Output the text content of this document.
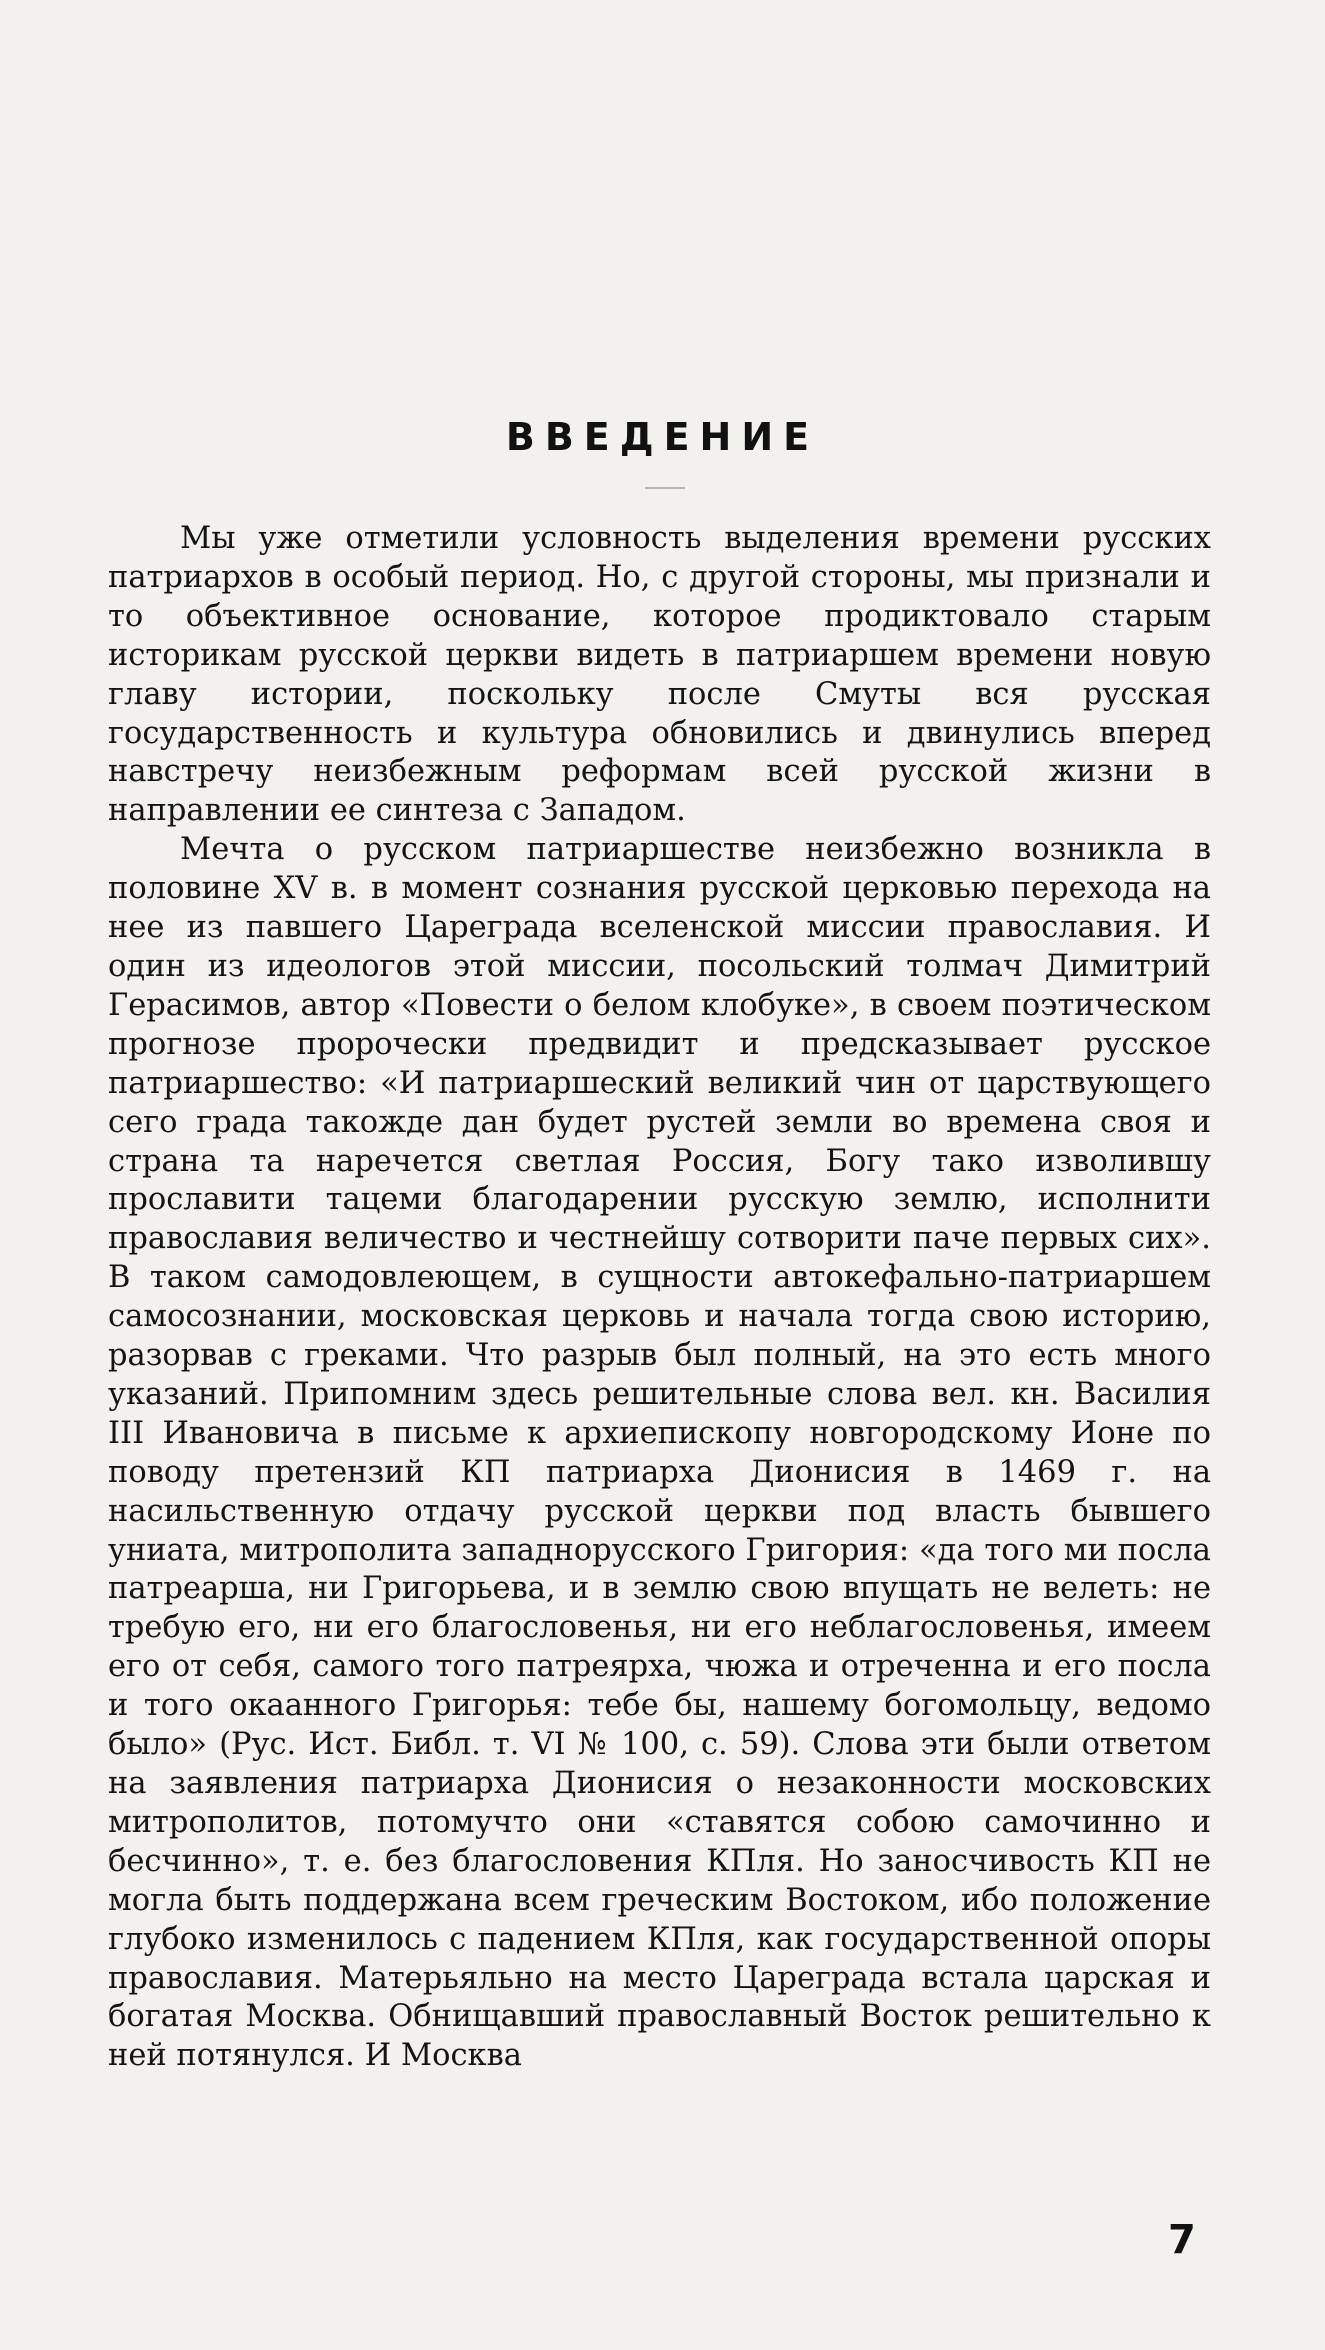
ВВЕДЕНИЕ

Мы уже отметили условность выделения времени русских патриархов в особый период. Но, с другой стороны, мы признали и то объективное основание, которое продиктовало старым историкам русской церкви видеть в патриаршем времени новую главу истории, поскольку после Смуты вся русская государственность и культура обновились и двинулись вперед навстречу неизбежным реформам всей русской жизни в направлении ее синтеза с Западом.

Мечта о русском патриаршестве неизбежно возникла в половине XV в. в момент сознания русской церковью перехода на нее из павшего Цареграда вселенской миссии православия. И один из идеологов этой миссии, посольский толмач Димитрий Герасимов, автор «Повести о белом клобуке», в своем поэтическом прогнозе пророчески предвидит и предсказывает русское патриаршество: «И патриаршеский великий чин от царствующего сего града такожде дан будет рустей земли во времена своя и страна та наречется светлая Россия, Богу тако изволившу прославити тацеми благодарении русскую землю, исполнити православия величество и честнейшу сотворити паче первых сих». В таком самодовлеющем, в сущности автокефально-патриаршем самосознании, московская церковь и начала тогда свою историю, разорвав с греками. Что разрыв был полный, на это есть много указаний. Припомним здесь решительные слова вел. кн. Василия III Ивановича в письме к архиепископу новгородскому Ионе по поводу претензий КП патриарха Дионисия в 1469 г. на насильственную отдачу русской церкви под власть бывшего униата, митрополита западнорусского Григория: «да того ми посла патреарша, ни Григорьева, и в землю свою впущать не велеть: не требую его, ни его благословенья, ни его неблагословенья, имеем его от себя, самого того патреярха, чюжа и отреченна и его посла и того окаанного Григорья: тебе бы, нашему богомольцу, ведомо было» (Рус. Ист. Библ. т. VI № 100, с. 59). Слова эти были ответом на заявления патриарха Дионисия о незаконности московских митрополитов, потомучто они «ставятся собою самочинно и бесчинно», т. е. без благословения КПля. Но заносчивость КП не могла быть поддержана всем греческим Востоком, ибо положение глубоко изменилось с падением КПля, как государственной опоры православия. Матерьяльно на место Цареграда встала царская и богатая Москва. Обнищавший православный Восток решительно к ней потянулся. И Москва

7
